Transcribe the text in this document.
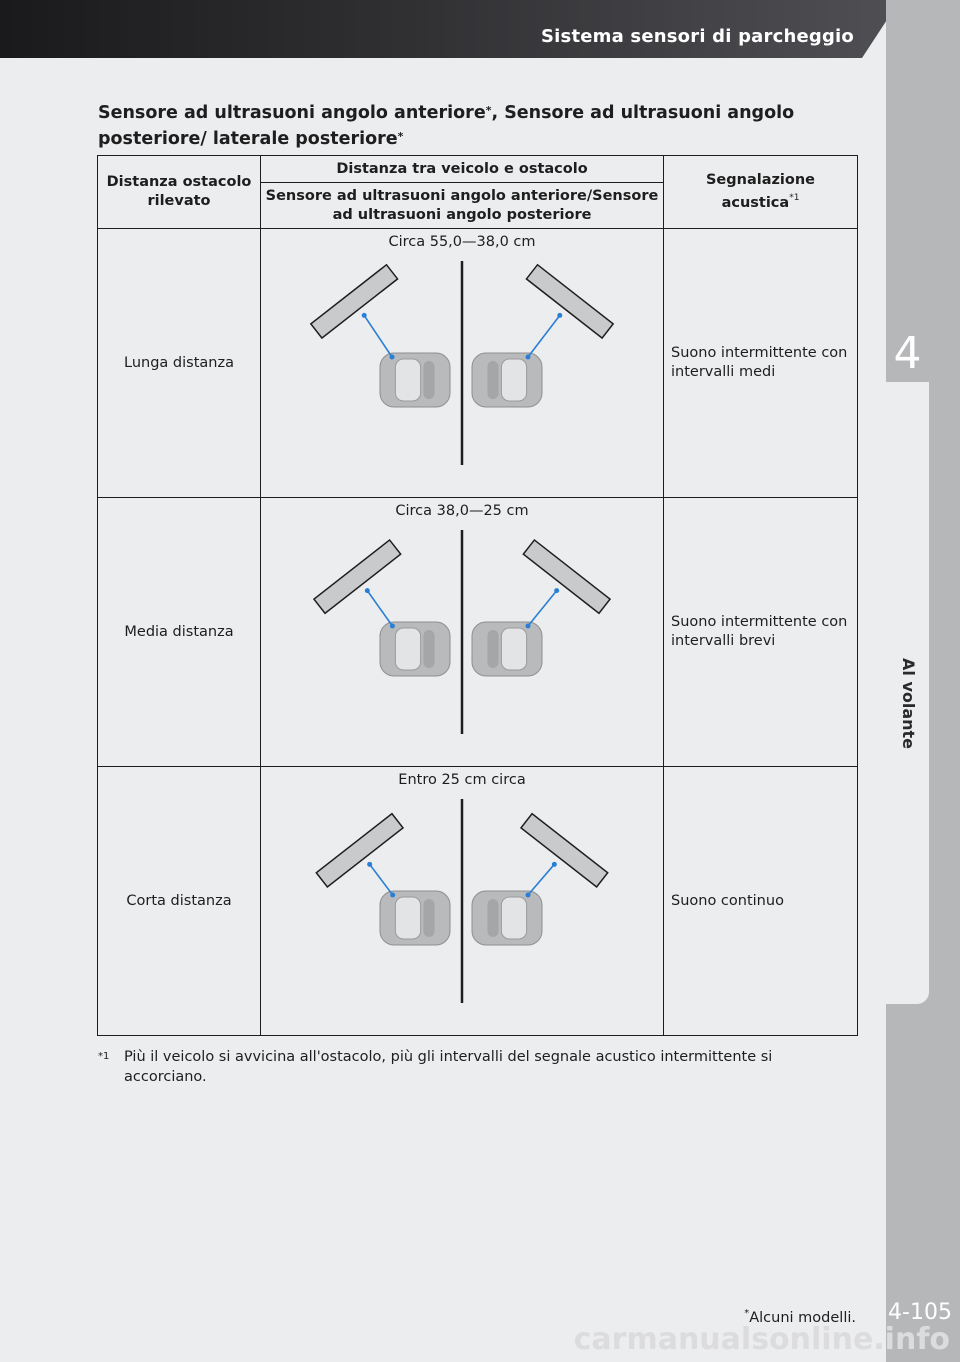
Sistema sensori di parcheggio
4
Al volante
Sensore ad ultrasuoni angolo anteriore*, Sensore ad ultrasuoni angolo posteriore/ laterale posteriore*
Distanza ostacolo rilevato	Distanza tra veicolo e ostacolo	Segnalazione acustica$^{*1}$
	Sensore ad ultrasuoni angolo anteriore/Sensore ad ultrasuoni angolo posteriore	
Lunga distanza	Circa 55,0—38,0 cm	Suono intermittente con intervalli medi
Media distanza	Circa 38,0—25 cm	Suono intermittente con intervalli brevi
Corta distanza	Entro 25 cm circa	Suono continuo
$^{*1}$ Più il veicolo si avvicina all'ostacolo, più gli intervalli del segnale acustico intermittente si accorciano.
*Alcuni modelli.	4-105
carmanualsonline.info
